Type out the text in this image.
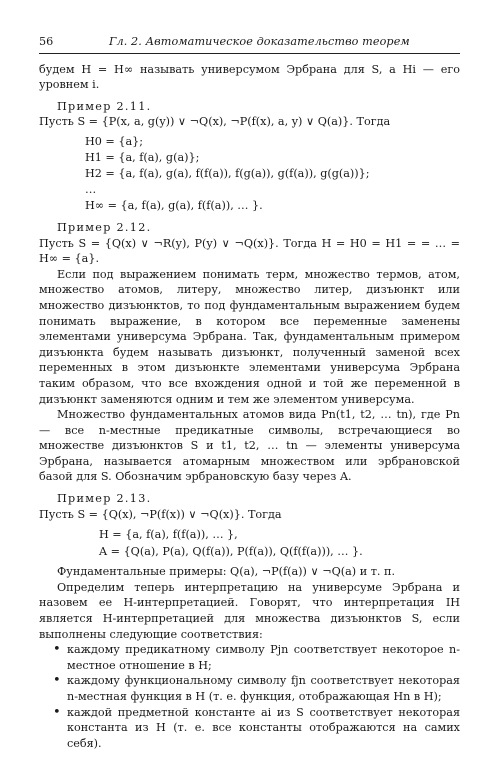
56	Гл. 2. Автоматическое доказательство теорем

будем H = H∞ называть универсумом Эрбрана для S, а Hi — его уровнем i.

Пример 2.11.

Пусть S = {P(x, a, g(y)) ∨ ¬Q(x), ¬P(f(x), a, y) ∨ Q(a)}. Тогда

H0 = {a};
H1 = {a, f(a), g(a)};
H2 = {a, f(a), g(a), f(f(a)), f(g(a)), g(f(a)), g(g(a))};
…
H∞ = {a, f(a), g(a), f(f(a)), … }.

Пример 2.12.

Пусть S = {Q(x) ∨ ¬R(y), P(y) ∨ ¬Q(x)}. Тогда H = H0 = H1 = = … = H∞ = {a}.

Если под выражением понимать терм, множество термов, атом, множество атомов, литеру, множество литер, дизъюнкт или множество дизъюнктов, то под фундаментальным выражением будем понимать выражение, в котором все переменные заменены элементами универсума Эрбрана. Так, фундаментальным примером дизъюнкта будем называть дизъюнкт, полученный заменой всех переменных в этом дизъюнкте элементами универсума Эрбрана таким образом, что все вхождения одной и той же переменной в дизъюнкт заменяются одним и тем же элементом универсума.

Множество фундаментальных атомов вида Pn(t1, t2, … tn), где Pn — все n-местные предикатные символы, встречающиеся во множестве дизъюнктов S и t1, t2, … tn — элементы универсума Эрбрана, называется атомарным множеством или эрбрановской базой для S. Обозначим эрбрановскую базу через A.

Пример 2.13.

Пусть S = {Q(x), ¬P(f(x)) ∨ ¬Q(x)}. Тогда

H = {a, f(a), f(f(a)), … },
A = {Q(a), P(a), Q(f(a)), P(f(a)), Q(f(f(a))), … }.

Фундаментальные примеры: Q(a), ¬P(f(a)) ∨ ¬Q(a) и т. п.

Определим теперь интерпретацию на универсуме Эрбрана и назовем ее H-интерпретацией. Говорят, что интерпретация IH является H-интерпретацией для множества дизъюнктов S, если выполнены следующие соответствия:

• каждому предикатному символу Pjn соответствует некоторое n-местное отношение в H;
• каждому функциональному символу fjn соответствует некоторая n-местная функция в H (т. е. функция, отображающая Hn в H);
• каждой предметной константе ai из S соответствует некоторая константа из H (т. е. все константы отображаются на самих себя).
